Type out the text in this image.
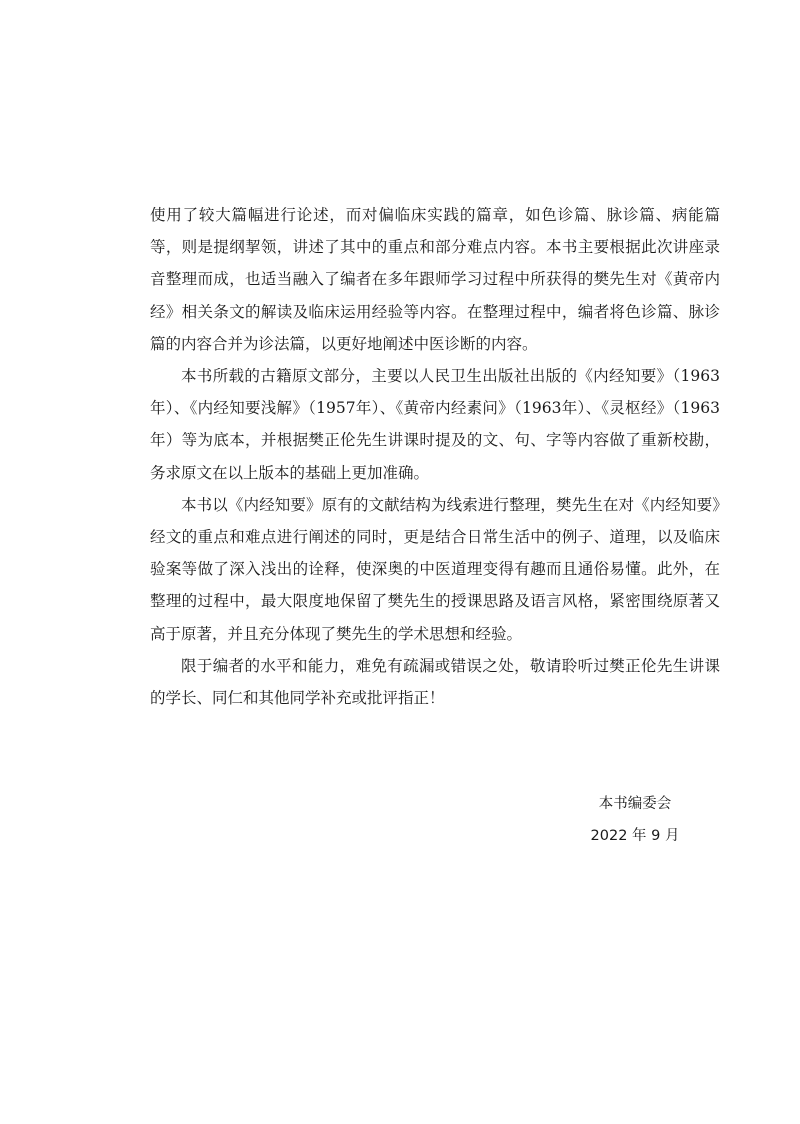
使用了较大篇幅进行论述，而对偏临床实践的篇章，如色诊篇、脉诊篇、病能篇等，则是提纲挈领，讲述了其中的重点和部分难点内容。本书主要根据此次讲座录音整理而成，也适当融入了编者在多年跟师学习过程中所获得的樊先生对《黄帝内经》相关条文的解读及临床运用经验等内容。在整理过程中，编者将色诊篇、脉诊篇的内容合并为诊法篇，以更好地阐述中医诊断的内容。

本书所载的古籍原文部分，主要以人民卫生出版社出版的《内经知要》（1963年）、《内经知要浅解》（1957年）、《黄帝内经素问》（1963年）、《灵枢经》（1963年）等为底本，并根据樊正伦先生讲课时提及的文、句、字等内容做了重新校勘，务求原文在以上版本的基础上更加准确。

本书以《内经知要》原有的文献结构为线索进行整理，樊先生在对《内经知要》经文的重点和难点进行阐述的同时，更是结合日常生活中的例子、道理，以及临床验案等做了深入浅出的诠释，使深奥的中医道理变得有趣而且通俗易懂。此外，在整理的过程中，最大限度地保留了樊先生的授课思路及语言风格，紧密围绕原著又高于原著，并且充分体现了樊先生的学术思想和经验。

限于编者的水平和能力，难免有疏漏或错误之处，敬请聆听过樊正伦先生讲课的学长、同仁和其他同学补充或批评指正！

本书编委会
2022 年 9 月
